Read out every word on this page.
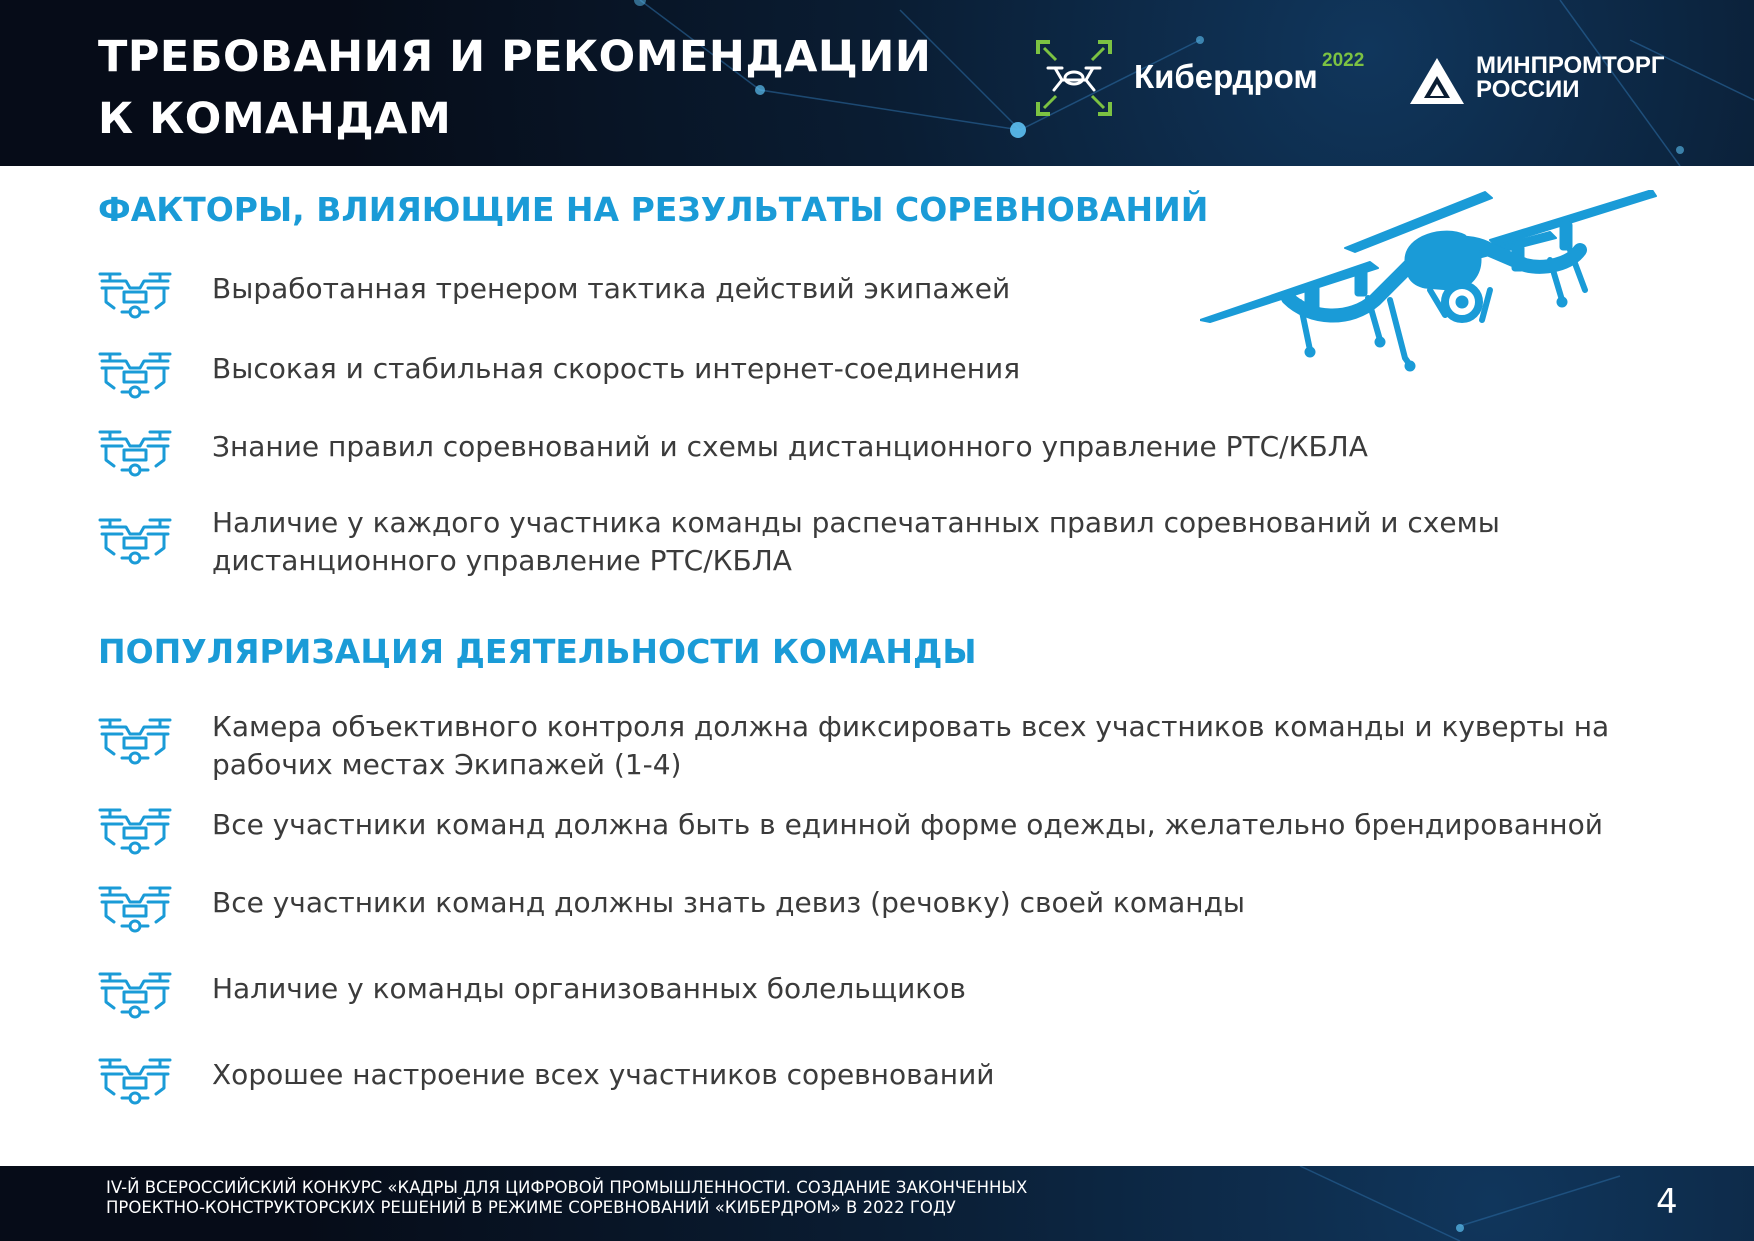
ТРЕБОВАНИЯ И РЕКОМЕНДАЦИИ
К КОМАНДАМ
Кибердром 2022	МИНПРОМТОРГ
РОССИИ
ФАКТОРЫ, ВЛИЯЮЩИЕ НА РЕЗУЛЬТАТЫ СОРЕВНОВАНИЙ

Выработанная тренером тактика действий экипажей

Высокая и стабильная скорость интернет-соединения

Знание правил соревнований и схемы дистанционного управление РТС/КБЛА

Наличие у каждого участника команды распечатанных правил соревнований и схемы дистанционного управление РТС/КБЛА

ПОПУЛЯРИЗАЦИЯ ДЕЯТЕЛЬНОСТИ КОМАНДЫ

Камера объективного контроля должна фиксировать всех участников команды и куверты на рабочих местах Экипажей (1-4)

Все участники команд должна быть в единной форме одежды, желательно брендированной

Все участники команд должны знать девиз (речовку) своей команды

Наличие у команды организованных болельщиков

Хорошее настроение всех участников соревнований

IV-Й ВСЕРОССИЙСКИЙ КОНКУРС «КАДРЫ ДЛЯ ЦИФРОВОЙ ПРОМЫШЛЕННОСТИ. СОЗДАНИЕ ЗАКОНЧЕННЫХ
ПРОЕКТНО-КОНСТРУКТОРСКИХ РЕШЕНИЙ В РЕЖИМЕ СОРЕВНОВАНИЙ «КИБЕРДРОМ» В 2022 ГОДУ	4
